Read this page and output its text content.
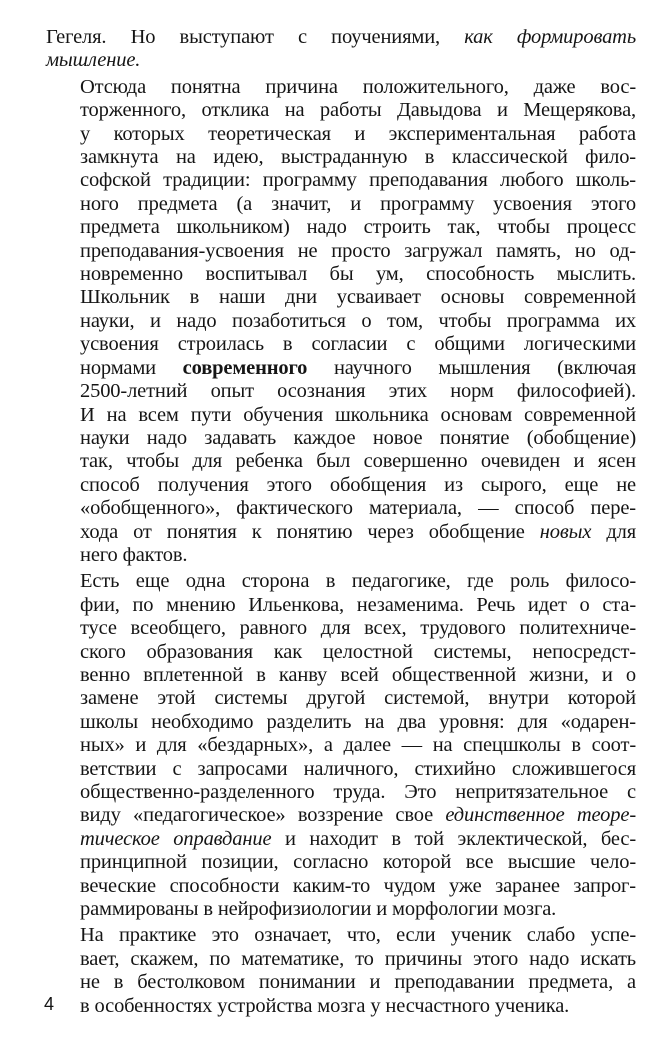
Гегеля. Но выступают с поучениями, как формировать
мышление.

Отсюда понятна причина положительного, даже вос-
торженного, отклика на работы Давыдова и Мещерякова,
у которых теоретическая и экспериментальная работа
замкнута на идею, выстраданную в классической фило-
софской традиции: программу преподавания любого школь-
ного предмета (а значит, и программу усвоения этого
предмета школьником) надо строить так, чтобы процесс
преподавания-усвоения не просто загружал память, но од-
новременно воспитывал бы ум, способность мыслить.
Школьник в наши дни усваивает основы современной
науки, и надо позаботиться о том, чтобы программа их
усвоения строилась в согласии с общими логическими
нормами современного научного мышления (включая
2500-летний опыт осознания этих норм философией).
И на всем пути обучения школьника основам современной
науки надо задавать каждое новое понятие (обобщение)
так, чтобы для ребенка был совершенно очевиден и ясен
способ получения этого обобщения из сырого, еще не
«обобщенного», фактического материала, — способ пере-
хода от понятия к понятию через обобщение новых для
него фактов.

Есть еще одна сторона в педагогике, где роль филосо-
фии, по мнению Ильенкова, незаменима. Речь идет о ста-
тусе всеобщего, равного для всех, трудового политехниче-
ского образования как целостной системы, непосредст-
венно вплетенной в канву всей общественной жизни, и о
замене этой системы другой системой, внутри которой
школы необходимо разделить на два уровня: для «одарен-
ных» и для «бездарных», а далее — на спецшколы в соот-
ветствии с запросами наличного, стихийно сложившегося
общественно-разделенного труда. Это непритязательное с
виду «педагогическое» воззрение свое единственное теоре-
тическое оправдание и находит в той эклектической, бес-
принципной позиции, согласно которой все высшие чело-
веческие способности каким-то чудом уже заранее запрог-
раммированы в нейрофизиологии и морфологии мозга.

На практике это означает, что, если ученик слабо успе-
вает, скажем, по математике, то причины этого надо искать
не в бестолковом понимании и преподавании предмета, а
в особенностях устройства мозга у несчастного ученика.

4
